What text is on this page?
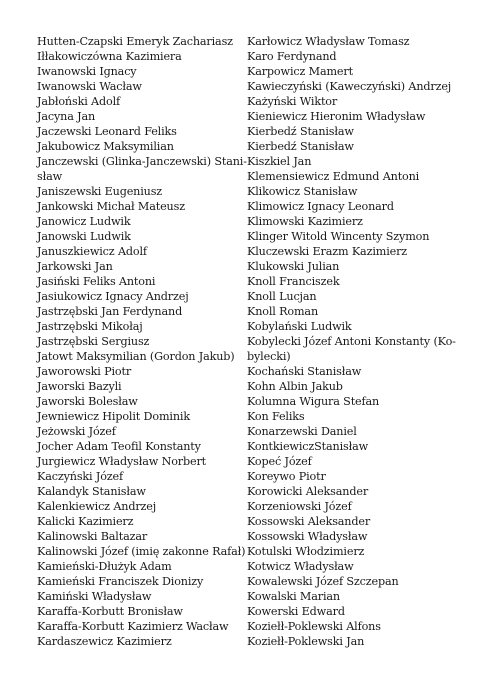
Hutten-Czapski Emeryk Zachariasz
Iłłakowiczówna Kazimiera
Iwanowski Ignacy
Iwanowski Wacław
Jabłoński Adolf
Jacyna Jan
Jaczewski Leonard Feliks
Jakubowicz Maksymilian
Janczewski (Glinka-Janczewski) Stani-
sław
Janiszewski Eugeniusz
Jankowski Michał Mateusz
Janowicz Ludwik
Janowski Ludwik
Januszkiewicz Adolf
Jarkowski Jan
Jasiński Feliks Antoni
Jasiukowicz Ignacy Andrzej
Jastrzębski Jan Ferdynand
Jastrzębski Mikołaj
Jastrzębski Sergiusz
Jatowt Maksymilian (Gordon Jakub)
Jaworowski Piotr
Jaworski Bazyli
Jaworski Bolesław
Jewniewicz Hipolit Dominik
Jeżowski Józef
Jocher Adam Teofil Konstanty
Jurgiewicz Władysław Norbert
Kaczyński Józef
Kalandyk Stanisław
Kalenkiewicz Andrzej
Kalicki Kazimierz
Kalinowski Baltazar
Kalinowski Józef (imię zakonne Rafał)
Kamieński-Dłużyk Adam
Kamieński Franciszek Dionizy
Kamiński Władysław
Karaffa-Korbutt Bronisław
Karaffa-Korbutt Kazimierz Wacław
Kardaszewicz Kazimierz
Karłowicz Władysław Tomasz
Karo Ferdynand
Karpowicz Mamert
Kawieczyński (Kaweczyński) Andrzej
Każyński Wiktor
Kieniewicz Hieronim Władysław
Kierbedź Stanisław
Kierbedź Stanisław
Kiszkiel Jan
Klemensiewicz Edmund Antoni
Klikowicz Stanisław
Klimowicz Ignacy Leonard
Klimowski Kazimierz
Klinger Witold Wincenty Szymon
Kluczewski Erazm Kazimierz
Klukowski Julian
Knoll Franciszek
Knoll Lucjan
Knoll Roman
Kobylański Ludwik
Kobylecki Józef Antoni Konstanty (Ko-
bylecki)
Kochański Stanisław
Kohn Albin Jakub
Kolumna Wigura Stefan
Kon Feliks
Konarzewski Daniel
KontkiewiczStanisław
Kopeć Józef
Koreywo Piotr
Korowicki Aleksander
Korzeniowski Józef
Kossowski Aleksander
Kossowski Władysław
Kotulski Włodzimierz
Kotwicz Władysław
Kowalewski Józef Szczepan
Kowalski Marian
Kowerski Edward
Koziełł-Poklewski Alfons
Koziełł-Poklewski Jan
